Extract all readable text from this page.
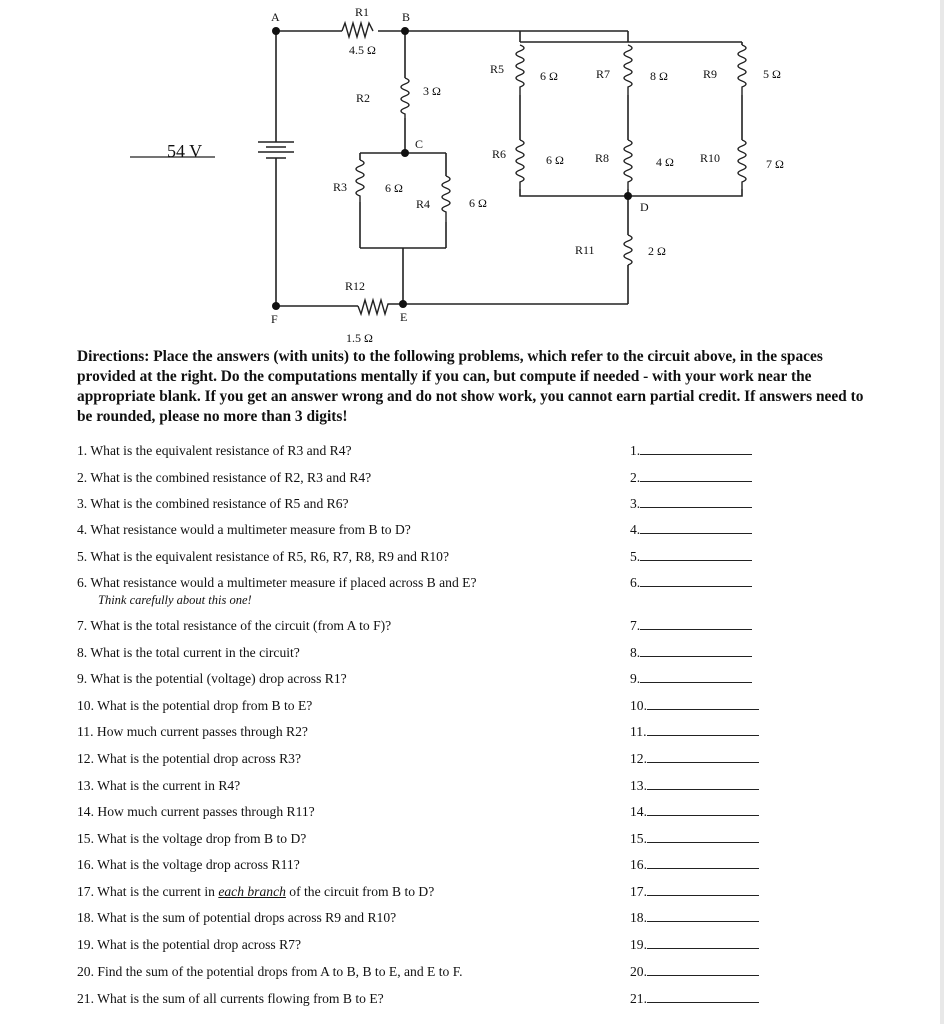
54 V
A	B
C
D
E
F
R1
4.5 Ω
R2	3 Ω
R3	6 Ω
R4	6 Ω
R5	6 Ω
R6	6 Ω
R7	8 Ω
R8	4 Ω
R9	5 Ω
R10	7 Ω
R11	2 Ω
R12
1.5 Ω

Directions: Place the answers (with units) to the following problems, which refer to the circuit above, in the spaces provided at the right. Do the computations mentally if you can, but compute if needed - with your work near the appropriate blank. If you get an answer wrong and do not show work, you cannot earn partial credit. If answers need to be rounded, please no more than 3 digits!

1. What is the equivalent resistance of R3 and R4?	1.
2. What is the combined resistance of R2, R3 and R4?	2.
3. What is the combined resistance of R5 and R6?	3.
4. What resistance would a multimeter measure from B to D?	4.
5. What is the equivalent resistance of R5, R6, R7, R8, R9 and R10?	5.
6. What resistance would a multimeter measure if placed across B and E?
Think carefully about this one!
6.
7. What is the total resistance of the circuit (from A to F)?	7.
8. What is the total current in the circuit?	8.
9. What is the potential (voltage) drop across R1?	9.
10. What is the potential drop from B to E?	10.
11. How much current passes through R2?	11.
12. What is the potential drop across R3?	12.
13. What is the current in R4?	13.
14. How much current passes through R11?	14.
15. What is the voltage drop from B to D?	15.
16. What is the voltage drop across R11?	16.
17. What is the current in each branch of the circuit from B to D?	17.
18. What is the sum of potential drops across R9 and R10?	18.
19. What is the potential drop across R7?	19.
20. Find the sum of the potential drops from A to B, B to E, and E to F.	20.
21. What is the sum of all currents flowing from B to E?	21.
